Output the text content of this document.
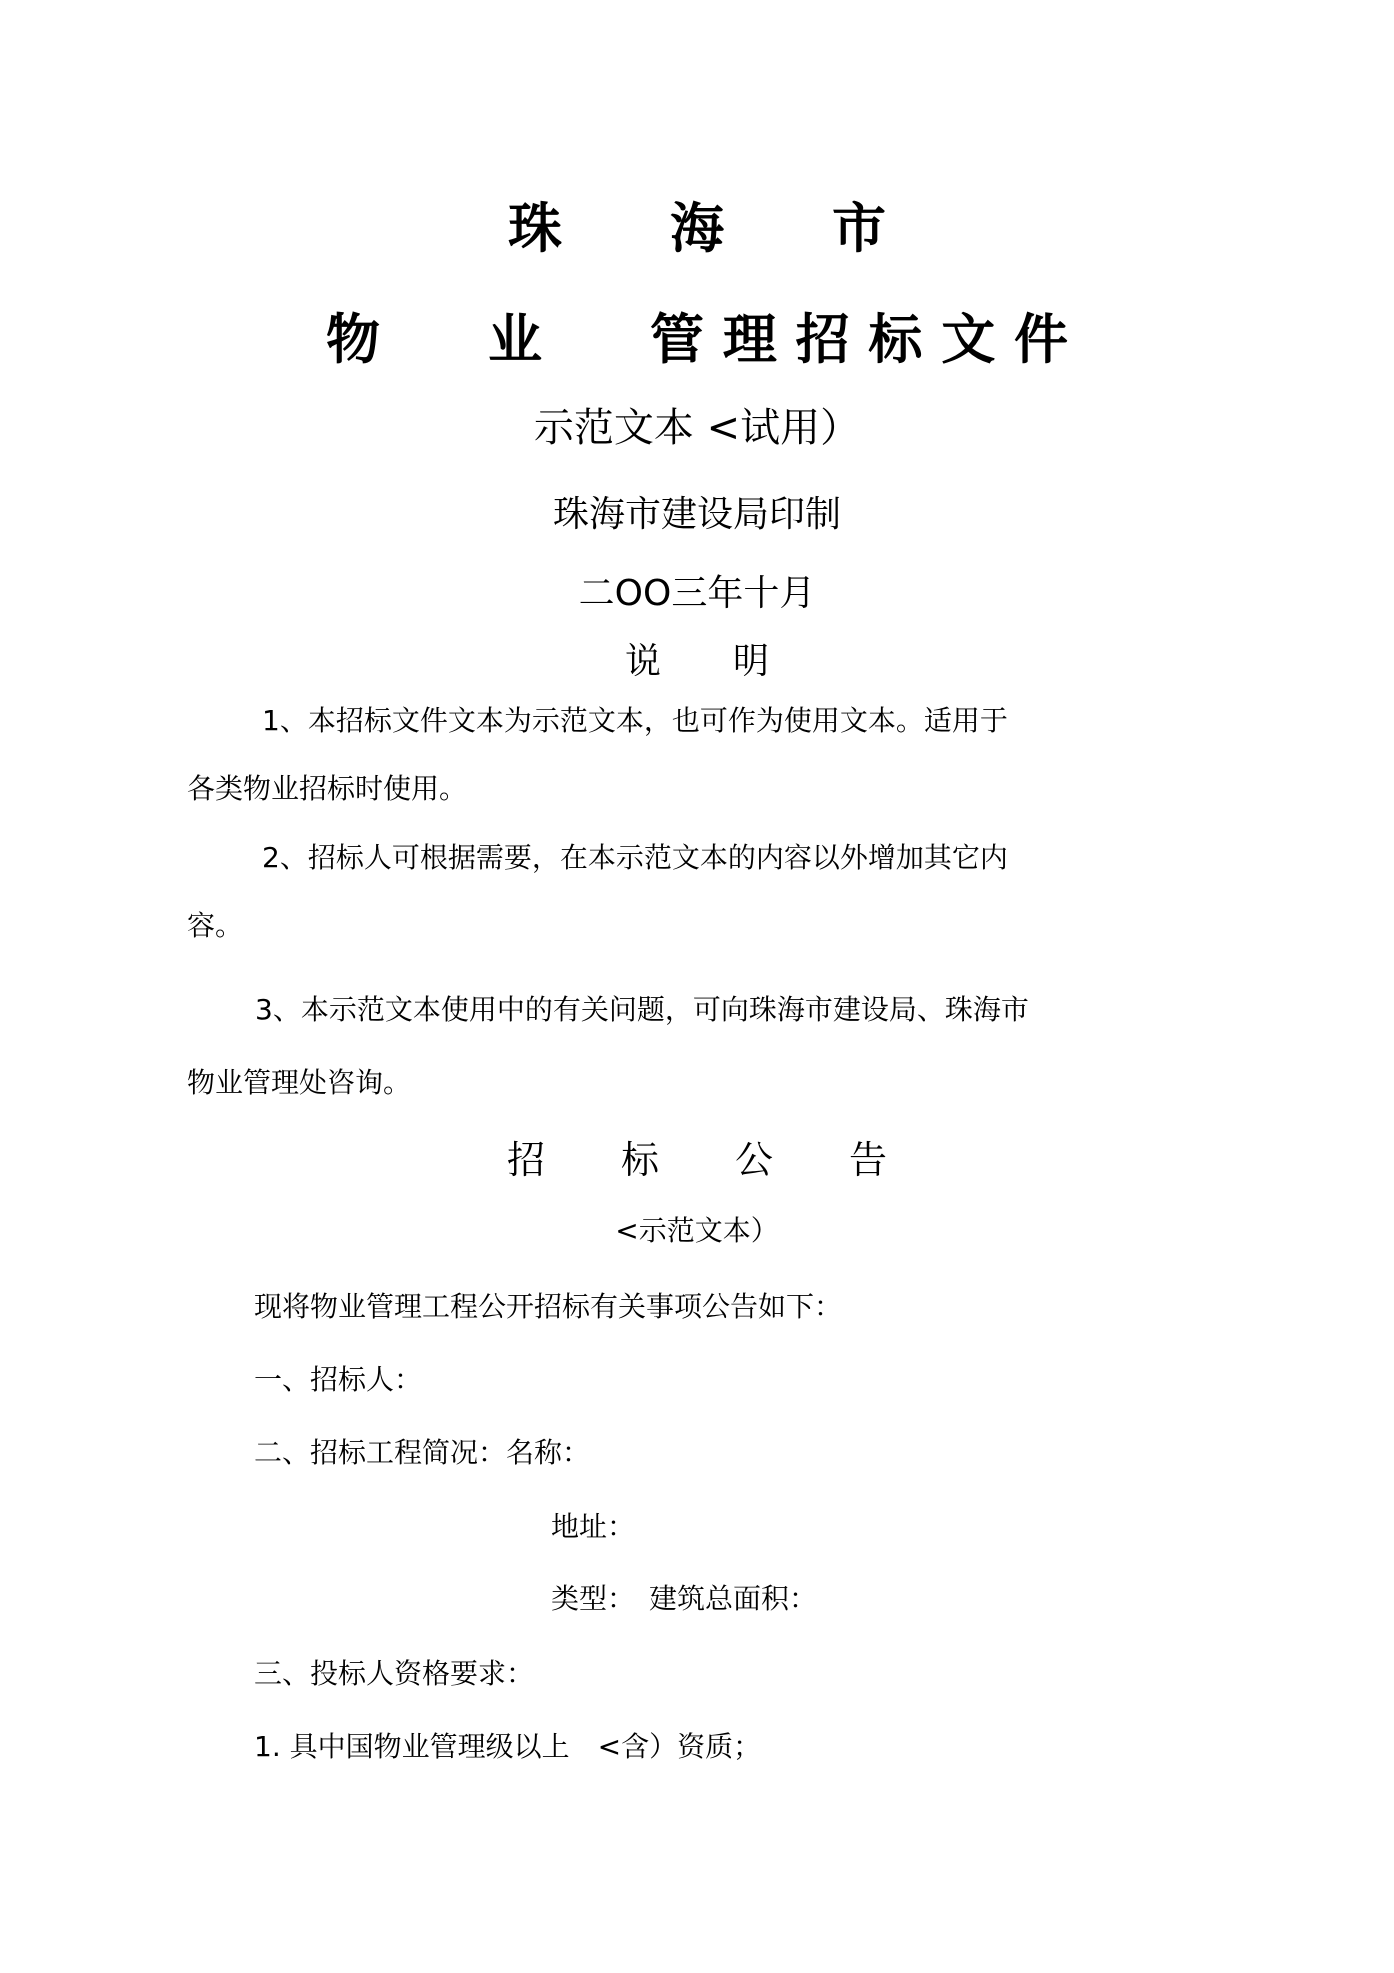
珠　　海　　市
物　　业　　管 理 招 标 文 件
示范文本 <试用）
珠海市建设局印制
二OO三年十月
说　　明
1、本招标文件文本为示范文本，也可作为使用文本。适用于
各类物业招标时使用。
2、招标人可根据需要，在本示范文本的内容以外增加其它内
容。
3、本示范文本使用中的有关问题，可向珠海市建设局、珠海市
物业管理处咨询。
招　　标　　公　　告
<示范文本）
现将物业管理工程公开招标有关事项公告如下：
一、招标人：
二、招标工程简况：名称：
地址：
类型：　建筑总面积：
三、投标人资格要求：
1. 具中国物业管理级以上　<含）资质；
